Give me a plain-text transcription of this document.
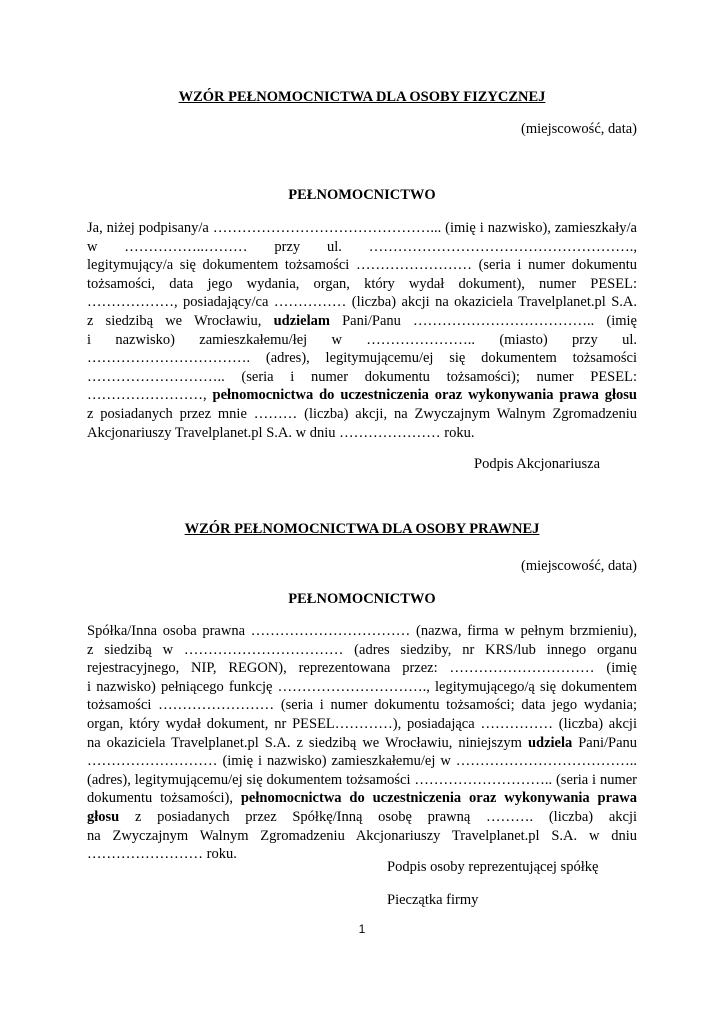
WZÓR PEŁNOMOCNICTWA DLA OSOBY FIZYCZNEJ
(miejscowość, data)
PEŁNOMOCNICTWO
Ja, niżej podpisany/a ………………………………………... (imię i nazwisko), zamieszkały/a
w ……………..……… przy ul. ……………………………………………….,
legitymujący/a się dokumentem tożsamości …………………… (seria i numer dokumentu
tożsamości, data jego wydania, organ, który wydał dokument), numer PESEL:
………………, posiadający/ca …………… (liczba) akcji na okaziciela Travelplanet.pl S.A.
z siedzibą we Wrocławiu, udzielam Pani/Panu ……………………………….. (imię
i nazwisko) zamieszkałemu/łej w ………………….. (miasto) przy ul.
……………………………. (adres), legitymującemu/ej się dokumentem tożsamości
……………………….. (seria i numer dokumentu tożsamości); numer PESEL:
……………………, pełnomocnictwa do uczestniczenia oraz wykonywania prawa głosu
z posiadanych przez mnie ……… (liczba) akcji, na Zwyczajnym Walnym Zgromadzeniu
Akcjonariuszy Travelplanet.pl S.A. w dniu ………………… roku.
Podpis Akcjonariusza
WZÓR PEŁNOMOCNICTWA DLA OSOBY PRAWNEJ
(miejscowość, data)
PEŁNOMOCNICTWO
Spółka/Inna osoba prawna …………………………… (nazwa, firma w pełnym brzmieniu),
z siedzibą w …………………………… (adres siedziby, nr KRS/lub innego organu
rejestracyjnego, NIP, REGON), reprezentowana przez: ………………………… (imię
i nazwisko) pełniącego funkcję …………………………., legitymującego/ą się dokumentem
tożsamości …………………… (seria i numer dokumentu tożsamości; data jego wydania;
organ, który wydał dokument, nr PESEL…………), posiadająca …………… (liczba) akcji
na okaziciela Travelplanet.pl S.A. z siedzibą we Wrocławiu, niniejszym udziela Pani/Panu
……………………… (imię i nazwisko) zamieszkałemu/ej w ………………………………..
(adres), legitymującemu/ej się dokumentem tożsamości ……………………….. (seria i numer
dokumentu tożsamości), pełnomocnictwa do uczestniczenia oraz wykonywania prawa
głosu z posiadanych przez Spółkę/Inną osobę prawną ………. (liczba) akcji
na Zwyczajnym Walnym Zgromadzeniu Akcjonariuszy Travelplanet.pl S.A. w dniu
…………………… roku.
Podpis osoby reprezentującej spółkę
Pieczątka firmy
1
